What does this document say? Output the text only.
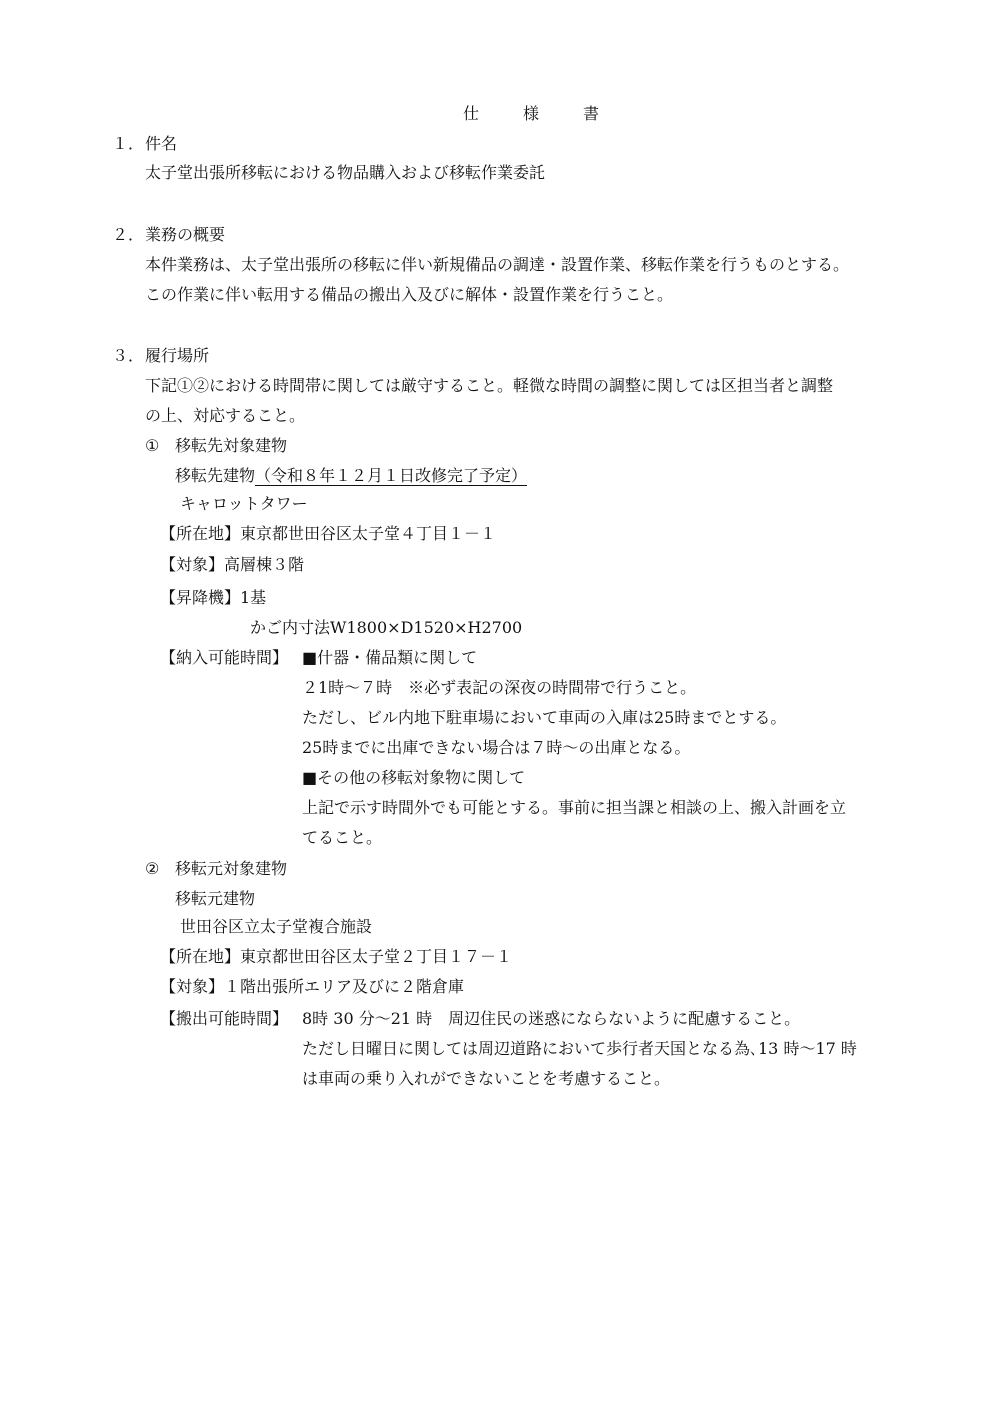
仕　様　書
１． 件名
太子堂出張所移転における物品購入および移転作業委託
２． 業務の概要
本件業務は、太子堂出張所の移転に伴い新規備品の調達・設置作業、移転作業を行うものとする。
この作業に伴い転用する備品の搬出入及びに解体・設置作業を行うこと。
３． 履行場所
下記①②における時間帯に関しては厳守すること。軽微な時間の調整に関しては区担当者と調整
の上、対応すること。
① 移転先対象建物
移転先建物（令和８年１２月１日改修完了予定）
キャロットタワー
【所在地】東京都世田谷区太子堂４丁目１－１
【対象】高層棟３階
【昇降機】1基
かご内寸法W1800×D1520×H2700
【納入可能時間】 ■什器・備品類に関して
２1時～７時　※必ず表記の深夜の時間帯で行うこと。
ただし、ビル内地下駐車場において車両の入庫は25時までとする。
25時までに出庫できない場合は７時～の出庫となる。
■その他の移転対象物に関して
上記で示す時間外でも可能とする。事前に担当課と相談の上、搬入計画を立
てること。
② 移転元対象建物
移転元建物
世田谷区立太子堂複合施設
【所在地】東京都世田谷区太子堂２丁目１７－１
【対象】１階出張所エリア及びに２階倉庫
【搬出可能時間】 8時 30 分～21 時　周辺住民の迷惑にならないように配慮すること。
ただし日曜日に関しては周辺道路において歩行者天国となる為､13 時～17 時
は車両の乗り入れができないことを考慮すること。
